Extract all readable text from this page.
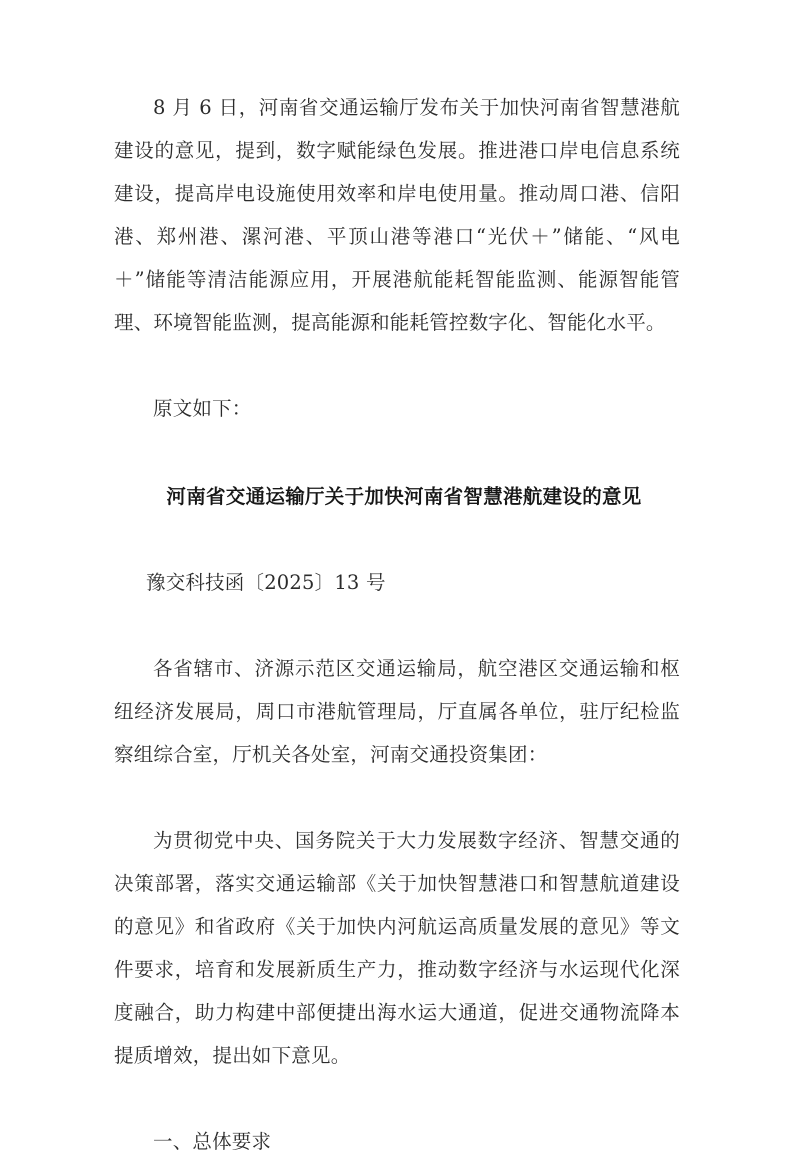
8 月 6 日，河南省交通运输厅发布关于加快河南省智慧港航建设的意见，提到，数字赋能绿色发展。推进港口岸电信息系统建设，提高岸电设施使用效率和岸电使用量。推动周口港、信阳港、郑州港、漯河港、平顶山港等港口“光伏＋”储能、“风电＋”储能等清洁能源应用，开展港航能耗智能监测、能源智能管理、环境智能监测，提高能源和能耗管控数字化、智能化水平。

原文如下：

河南省交通运输厅关于加快河南省智慧港航建设的意见

豫交科技函〔2025〕13 号

各省辖市、济源示范区交通运输局，航空港区交通运输和枢纽经济发展局，周口市港航管理局，厅直属各单位，驻厅纪检监察组综合室，厅机关各处室，河南交通投资集团：

为贯彻党中央、国务院关于大力发展数字经济、智慧交通的决策部署，落实交通运输部《关于加快智慧港口和智慧航道建设的意见》和省政府《关于加快内河航运高质量发展的意见》等文件要求，培育和发展新质生产力，推动数字经济与水运现代化深度融合，助力构建中部便捷出海水运大通道，促进交通物流降本提质增效，提出如下意见。

一、总体要求
